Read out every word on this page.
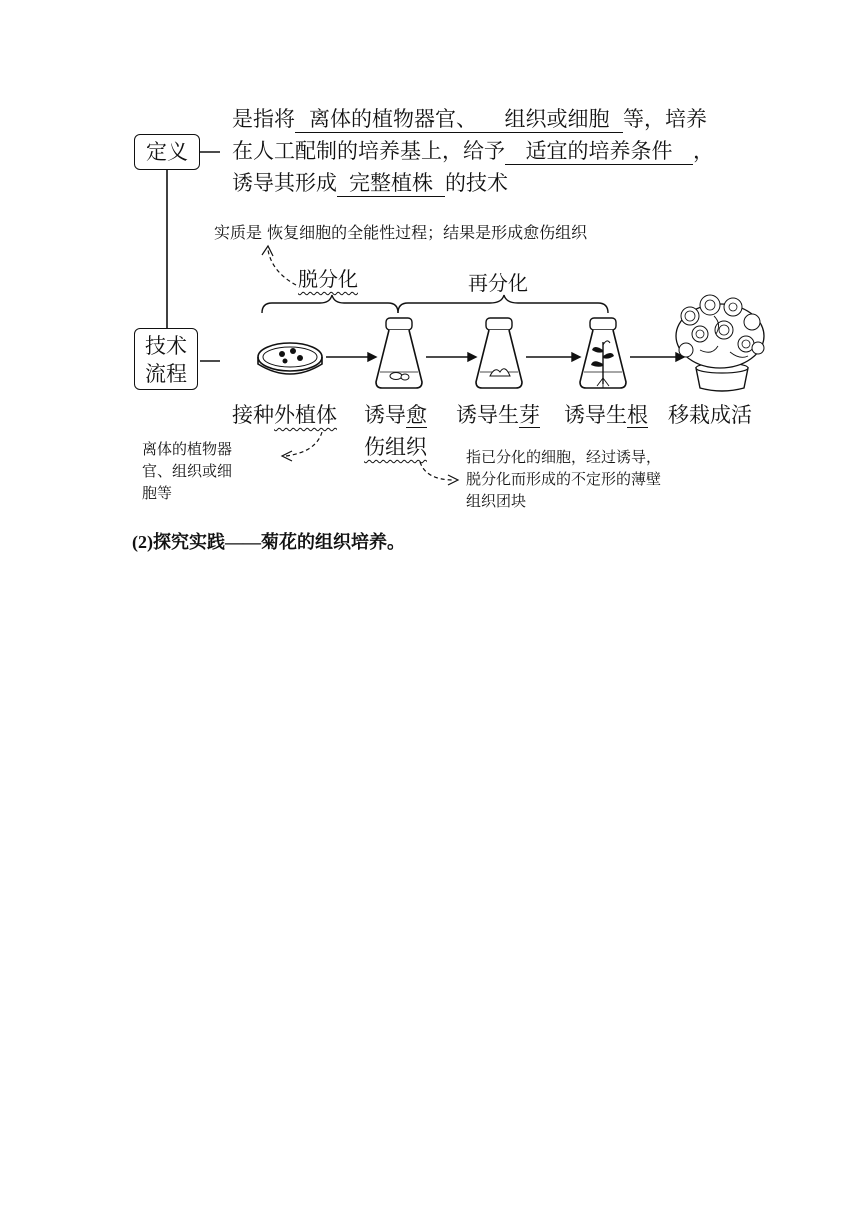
定义
是指将 离体的植物器官、 组织或细胞 等，培养
在人工配制的培养基上，给予 适宜的培养条件 ，
诱导其形成 完整植株 的技术
实质是 恢复细胞的全能性过程；结果是形成愈伤组织
脱分化	再分化
技术
流程
接种外植体 诱导愈
伤组织
诱导生芽 诱导生根 移栽成活
离体的植物器
官、组织或细
胞等
指已分化的细胞，经过诱导，
脱分化而形成的不定形的薄壁
组织团块
(2)探究实践——菊花的组织培养。
